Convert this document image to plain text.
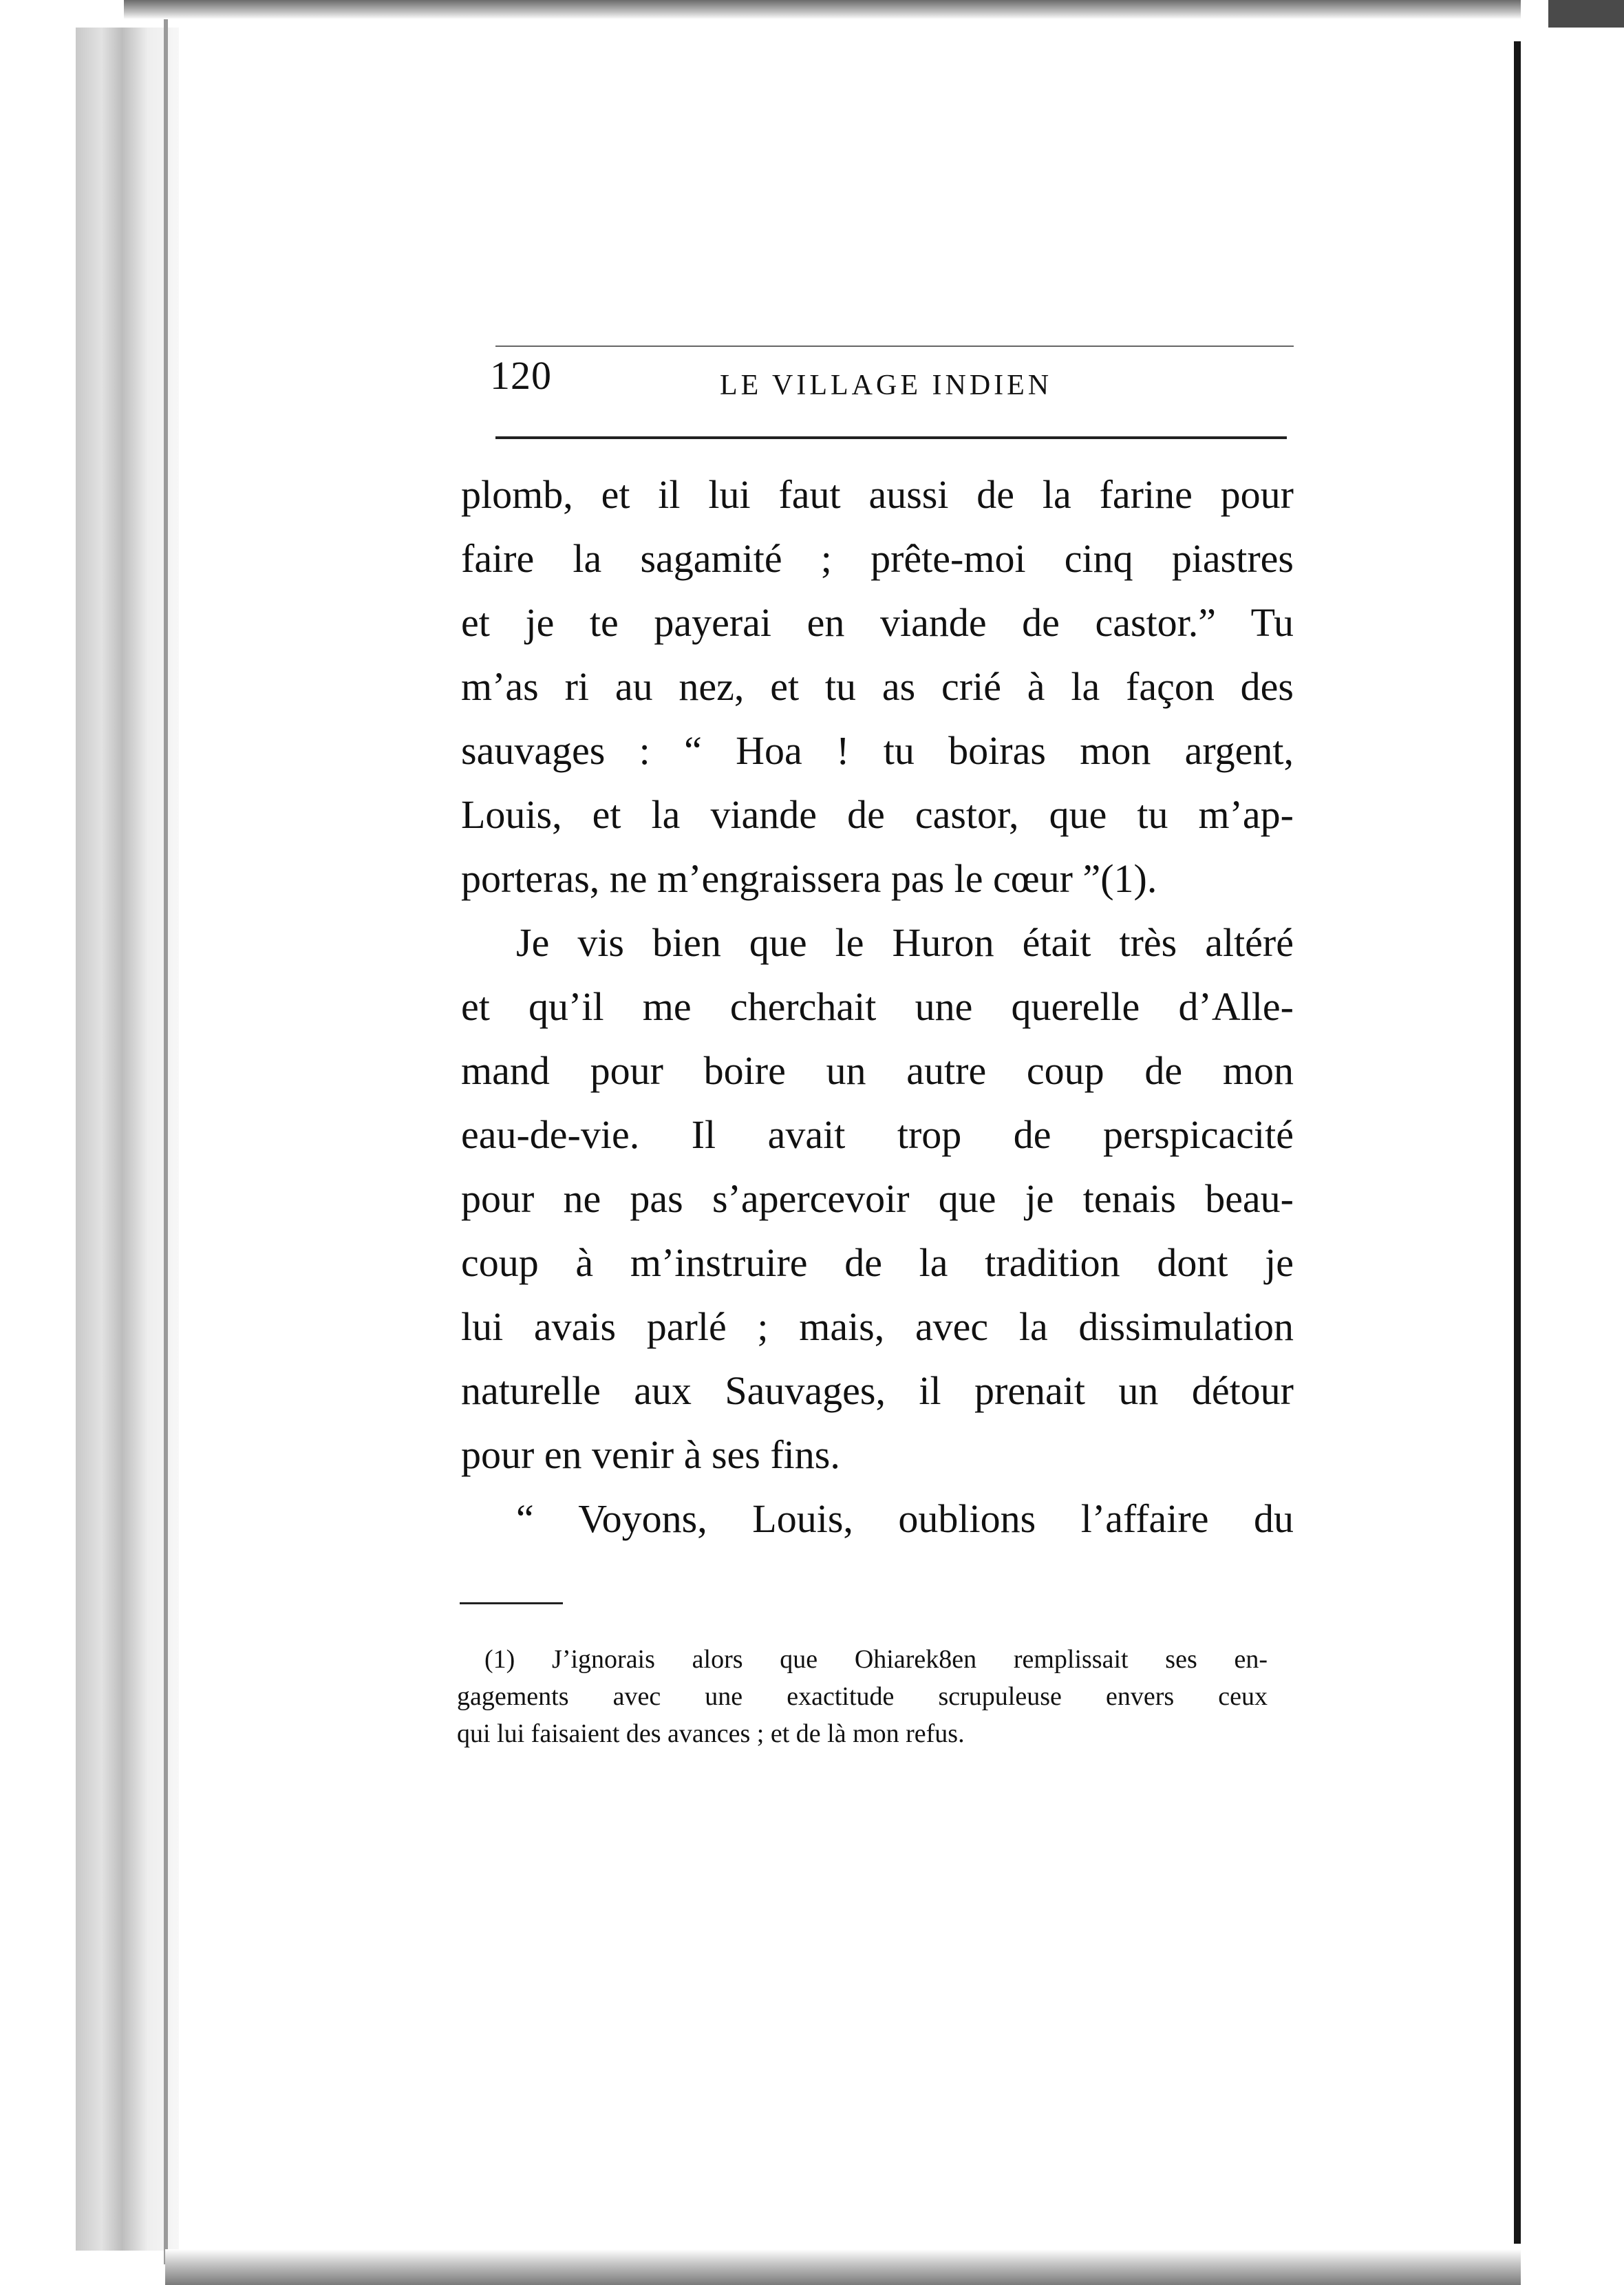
120	LE VILLAGE INDIEN
plomb, et il lui faut aussi de la farine pour
faire la sagamité ; prête-moi cinq piastres
et je te payerai en viande de castor.” Tu
m’as ri au nez, et tu as crié à la façon des
sauvages : “ Hoa ! tu boiras mon argent,
Louis, et la viande de castor, que tu m’ap-
porteras, ne m’engraissera pas le cœur ”(1).
Je vis bien que le Huron était très altéré
et qu’il me cherchait une querelle d’Alle-
mand pour boire un autre coup de mon
eau-de-vie. Il avait trop de perspicacité
pour ne pas s’apercevoir que je tenais beau-
coup à m’instruire de la tradition dont je
lui avais parlé ; mais, avec la dissimulation
naturelle aux Sauvages, il prenait un détour
pour en venir à ses fins.
“ Voyons, Louis, oublions l’affaire du
(1) J’ignorais alors que Ohiarek8en remplissait ses en-
gagements avec une exactitude scrupuleuse envers ceux
qui lui faisaient des avances ; et de là mon refus.
